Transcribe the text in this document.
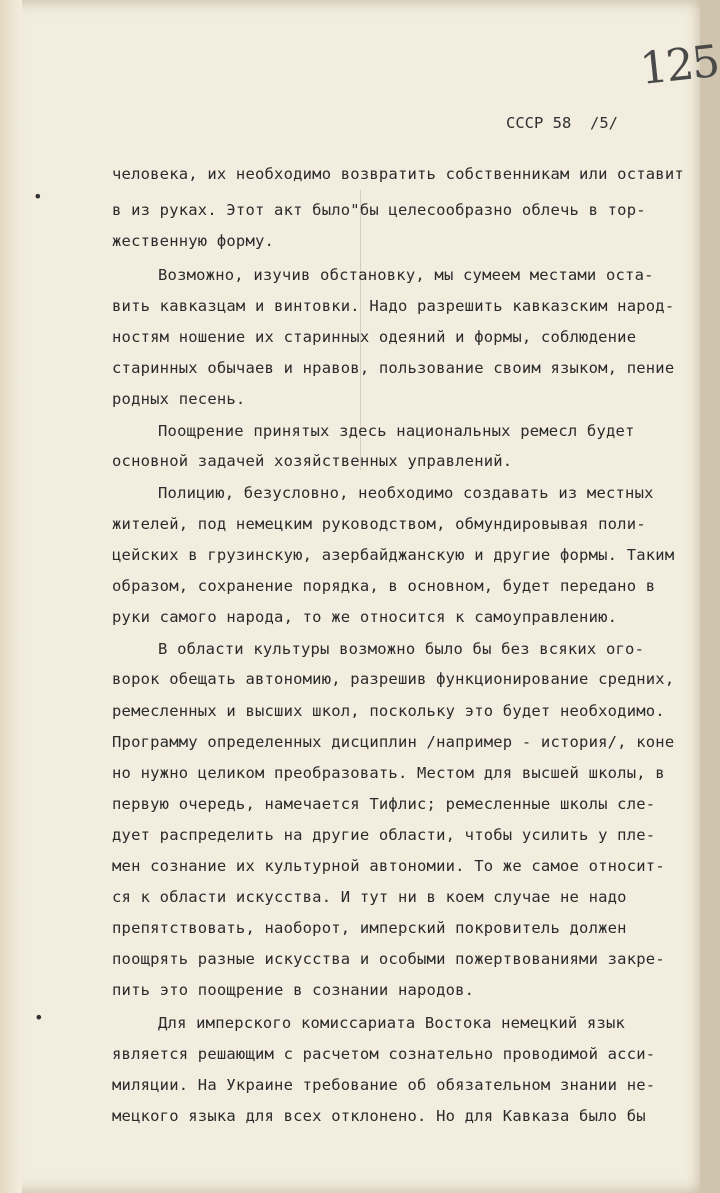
125
СССР 58  /5/
•
•
человека, их необходимо возвратить собственникам или оставит
в из руках. Этот акт было"бы целесообразно облечь в тор-
жественную форму.
Возможно, изучив обстановку, мы сумеем местами оста-
вить кавказцам и винтовки. Надо разрешить кавказским народ-
ностям ношение их старинных одеяний и формы, соблюдение
старинных обычаев и нравов, пользование своим языком, пение
родных песень.
Поощрение принятых здесь национальных ремесл будет
основной задачей хозяйственных управлений.
Полицию, безусловно, необходимо создавать из местных
жителей, под немецким руководством, обмундировывая поли-
цейских в грузинскую, азербайджанскую и другие формы. Таким
образом, сохранение порядка, в основном, будет передано в
руки самого народа, то же относится к самоуправлению.
В области культуры возможно было бы без всяких ого-
ворок обещать автономию, разрешив функционирование средних,
ремесленных и высших школ, поскольку это будет необходимо.
Программу определенных дисциплин /например - история/, коне
но нужно целиком преобразовать. Местом для высшей школы, в
первую очередь, намечается Тифлис; ремесленные школы сле-
дует распределить на другие области, чтобы усилить у пле-
мен сознание их культурной автономии. То же самое относит-
ся к области искусства. И тут ни в коем случае не надо
препятствовать, наоборот, имперский покровитель должен
поощрять разные искусства и особыми пожертвованиями закре-
пить это поощрение в сознании народов.
Для имперского комиссариата Востока немецкий язык
является решающим с расчетом сознательно проводимой асси-
миляции. На Украине требование об обязательном знании не-
мецкого языка для всех отклонено. Но для Кавказа было бы
